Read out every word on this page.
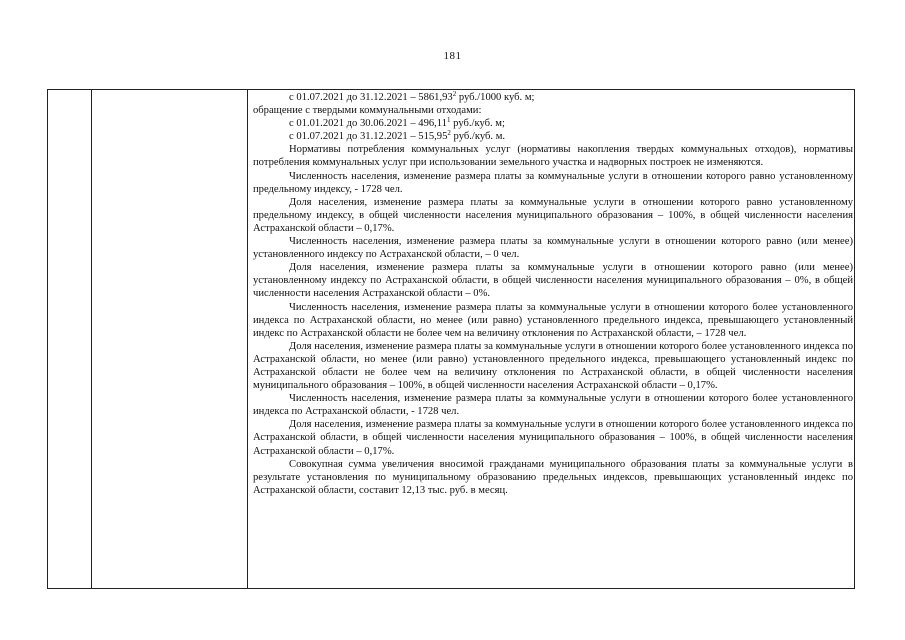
181

с 01.07.2021 до 31.12.2021 – 5861,93$^2$ руб./1000 куб. м;

обращение с твердыми коммунальными отходами:

с 01.01.2021 до 30.06.2021 – 496,11$^1$ руб./куб. м;

с 01.07.2021 до 31.12.2021 – 515,95$^2$ руб./куб. м.

Нормативы потребления коммунальных услуг (нормативы накопления твердых коммунальных отходов), нормативы потребления коммунальных услуг при использовании земельного участка и надворных построек не изменяются.

Численность населения, изменение размера платы за коммунальные услуги в отношении которого равно установленному предельному индексу, - 1728 чел.

Доля населения, изменение размера платы за коммунальные услуги в отношении которого равно установленному предельному индексу, в общей численности населения муниципального образования – 100%, в общей численности населения Астраханской области – 0,17%.

Численность населения, изменение размера платы за коммунальные услуги в отношении которого равно (или менее) установленного индексу по Астраханской области, – 0 чел.

Доля населения, изменение размера платы за коммунальные услуги в отношении которого равно (или менее) установленному индексу по Астраханской области, в общей численности населения муниципального образования – 0%, в общей численности населения Астраханской области – 0%.

Численность населения, изменение размера платы за коммунальные услуги в отношении которого более установленного индекса по Астраханской области, но менее (или равно) установленного предельного индекса, превышающего установленный индекс по Астраханской области не более чем на величину отклонения по Астраханской области, – 1728 чел.

Доля населения, изменение размера платы за коммунальные услуги в отношении которого более установленного индекса по Астраханской области, но менее (или равно) установленного предельного индекса, превышающего установленный индекс по Астраханской области не более чем на величину отклонения по Астраханской области, в общей численности населения муниципального образования – 100%, в общей численности населения Астраханской области – 0,17%.

Численность населения, изменение размера платы за коммунальные услуги в отношении которого более установленного индекса по Астраханской области, - 1728 чел.

Доля населения, изменение размера платы за коммунальные услуги в отношении которого более установленного индекса по Астраханской области, в общей численности населения муниципального образования – 100%, в общей численности населения Астраханской области – 0,17%.

Совокупная сумма увеличения вносимой гражданами муниципального образования платы за коммунальные услуги в результате установления по муниципальному образованию предельных индексов, превышающих установленный индекс по Астраханской области, составит 12,13 тыс. руб. в месяц.
